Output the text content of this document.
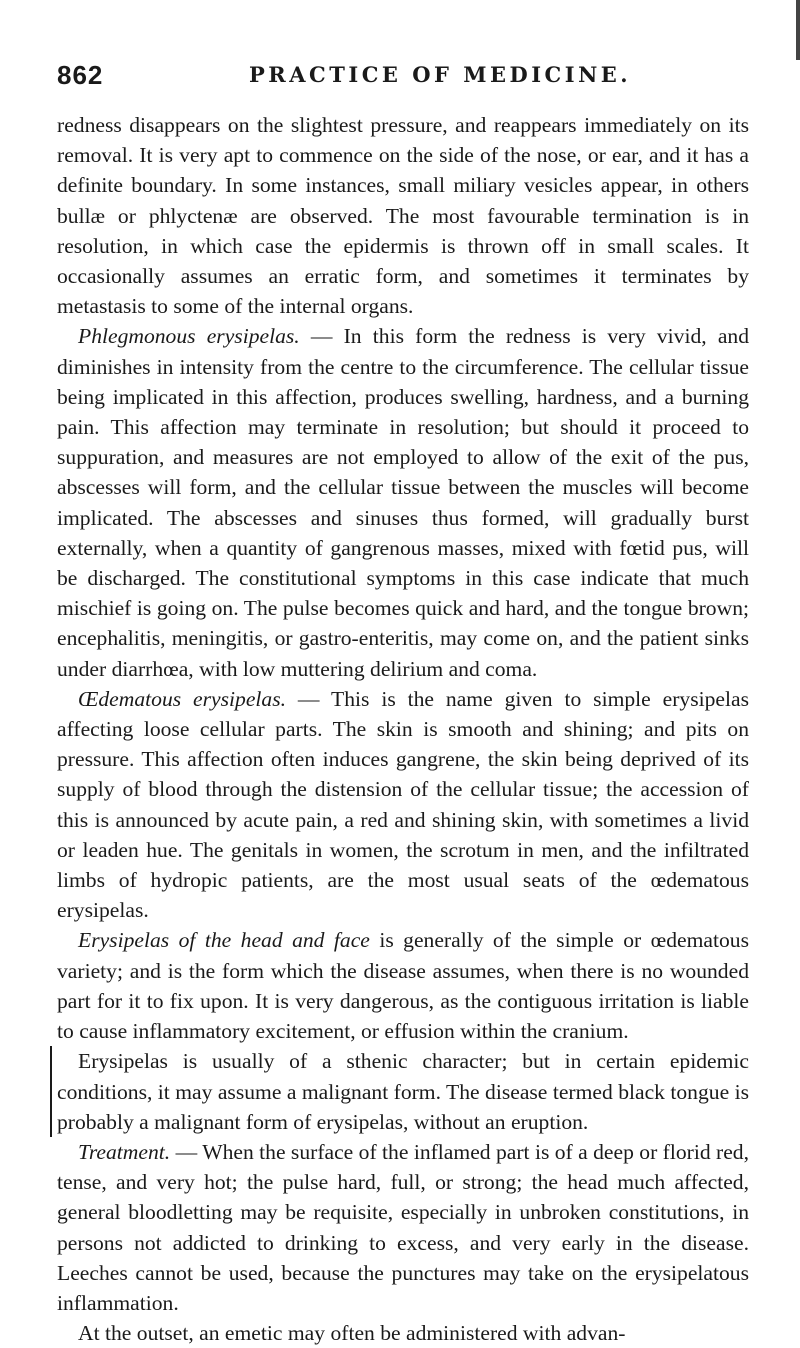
862	PRACTICE OF MEDICINE.

redness disappears on the slightest pressure, and reappears immediately on its removal. It is very apt to commence on the side of the nose, or ear, and it has a definite boundary. In some instances, small miliary vesicles appear, in others bullæ or phlyctenæ are observed. The most favourable termination is in resolution, in which case the epidermis is thrown off in small scales. It occasionally assumes an erratic form, and sometimes it terminates by metastasis to some of the internal organs.

Phlegmonous erysipelas. — In this form the redness is very vivid, and diminishes in intensity from the centre to the circumference. The cellular tissue being implicated in this affection, produces swelling, hardness, and a burning pain. This affection may terminate in resolution; but should it proceed to suppuration, and measures are not employed to allow of the exit of the pus, abscesses will form, and the cellular tissue between the muscles will become implicated. The abscesses and sinuses thus formed, will gradually burst externally, when a quantity of gangrenous masses, mixed with fœtid pus, will be discharged. The constitutional symptoms in this case indicate that much mischief is going on. The pulse becomes quick and hard, and the tongue brown; encephalitis, meningitis, or gastro-enteritis, may come on, and the patient sinks under diarrhœa, with low muttering delirium and coma.

Œdematous erysipelas. — This is the name given to simple erysipelas affecting loose cellular parts. The skin is smooth and shining; and pits on pressure. This affection often induces gangrene, the skin being deprived of its supply of blood through the distension of the cellular tissue; the accession of this is announced by acute pain, a red and shining skin, with sometimes a livid or leaden hue. The genitals in women, the scrotum in men, and the infiltrated limbs of hydropic patients, are the most usual seats of the œdematous erysipelas.

Erysipelas of the head and face is generally of the simple or œdematous variety; and is the form which the disease assumes, when there is no wounded part for it to fix upon. It is very dangerous, as the contiguous irritation is liable to cause inflammatory excitement, or effusion within the cranium.

Erysipelas is usually of a sthenic character; but in certain epidemic conditions, it may assume a malignant form. The disease termed black tongue is probably a malignant form of erysipelas, without an eruption.

Treatment. — When the surface of the inflamed part is of a deep or florid red, tense, and very hot; the pulse hard, full, or strong; the head much affected, general bloodletting may be requisite, especially in unbroken constitutions, in persons not addicted to drinking to excess, and very early in the disease. Leeches cannot be used, because the punctures may take on the erysipelatous inflammation.

At the outset, an emetic may often be administered with advan-
